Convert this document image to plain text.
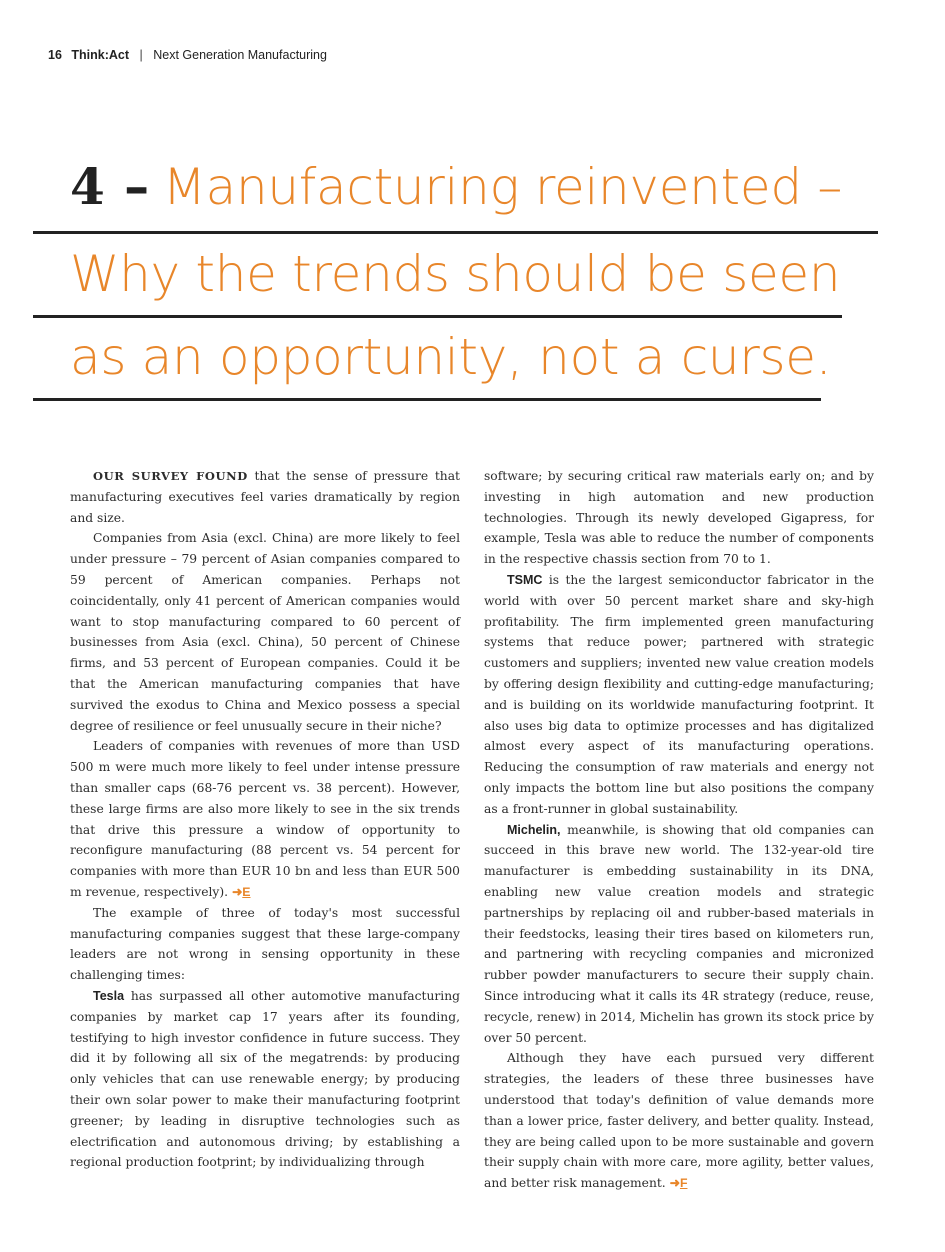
16 Think:Act | Next Generation Manufacturing
4 – Manufacturing reinvented –
Why the trends should be seen
as an opportunity, not a curse.

OUR SURVEY FOUND that the sense of pressure that manufacturing executives feel varies dramatically by region and size.

Companies from Asia (excl. China) are more likely to feel under pressure – 79 percent of Asian companies compared to 59 percent of American companies. Perhaps not coincidentally, only 41 percent of American companies would want to stop manufacturing compared to 60 percent of businesses from Asia (excl. China), 50 percent of Chinese firms, and 53 percent of European companies. Could it be that the American manufacturing companies that have survived the exodus to China and Mexico possess a special degree of resilience or feel unusually secure in their niche?

Leaders of companies with revenues of more than USD 500 m were much more likely to feel under intense pressure than smaller caps (68-76 percent vs. 38 percent). However, these large firms are also more likely to see in the six trends that drive this pressure a window of opportunity to reconfigure manufacturing (88 percent vs. 54 percent for companies with more than EUR 10 bn and less than EUR 500 m revenue, respectively). ➜E

The example of three of today's most successful manufacturing companies suggest that these large-company leaders are not wrong in sensing opportunity in these challenging times:

Tesla has surpassed all other automotive manufacturing companies by market cap 17 years after its founding, testifying to high investor confidence in future success. They did it by following all six of the megatrends: by producing only vehicles that can use renewable energy; by producing their own solar power to make their manufacturing footprint greener; by leading in disruptive technologies such as electrification and autonomous driving; by establishing a regional production footprint; by individualizing through

software; by securing critical raw materials early on; and by investing in high automation and new production technologies. Through its newly developed Gigapress, for example, Tesla was able to reduce the number of components in the respective chassis section from 70 to 1.

TSMC is the the largest semiconductor fabricator in the world with over 50 percent market share and sky-high profitability. The firm implemented green manufacturing systems that reduce power; partnered with strategic customers and suppliers; invented new value creation models by offering design flexibility and cutting-edge manufacturing; and is building on its worldwide manufacturing footprint. It also uses big data to optimize processes and has digitalized almost every aspect of its manufacturing operations. Reducing the consumption of raw materials and energy not only impacts the bottom line but also positions the company as a front-runner in global sustainability.

Michelin, meanwhile, is showing that old companies can succeed in this brave new world. The 132-year-old tire manufacturer is embedding sustainability in its DNA, enabling new value creation models and strategic partnerships by replacing oil and rubber-based materials in their feedstocks, leasing their tires based on kilometers run, and partnering with recycling companies and micronized rubber powder manufacturers to secure their supply chain. Since introducing what it calls its 4R strategy (reduce, reuse, recycle, renew) in 2014, Michelin has grown its stock price by over 50 percent.

Although they have each pursued very different strategies, the leaders of these three businesses have understood that today's definition of value demands more than a lower price, faster delivery, and better quality. Instead, they are being called upon to be more sustainable and govern their supply chain with more care, more agility, better values, and better risk management. ➜F
